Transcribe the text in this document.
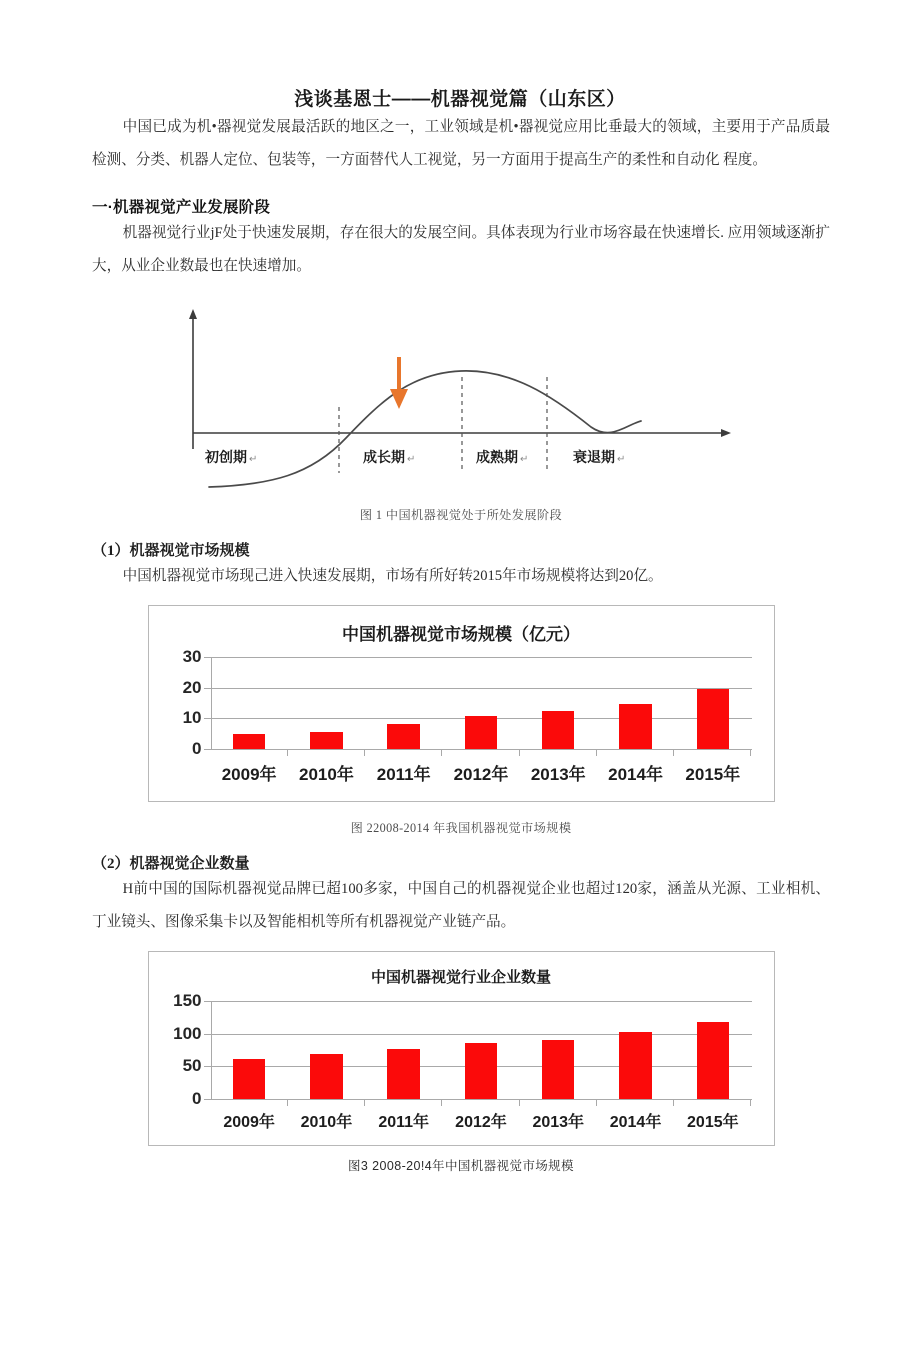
浅谈基恩士——机器视觉篇（山东区）

中国已成为机•器视觉发展最活跃的地区之一，工业领域是机•器视觉应用比垂最大的领域，主要用于产品质最检测、分类、机器人定位、包装等，一方面替代人工视觉，另一方面用于提高生产的柔性和自动化 程度。

一·机器视觉产业发展阶段

机器视觉行业jF处于快速发展期，存在很大的发展空间。具体表现为行业市场容最在快速增长. 应用领域逐渐扩大，从业企业数最也在快速增加。

初创期 ↵	成长期 ↵	成熟期 ↵	衰退期 ↵

图 1 中国机器视觉处于所处发展阶段

（1）机器视觉市场规模

中国机器视觉市场现己进入快速发展期，市场有所好转2015年市场规模将达到20亿。

中国机器视觉市场规模（亿元）
30
20
10
0
2009年	2010年	2011年	2012年	2013年	2014年	2015年

图 22008-2014 年我国机器视觉市场规模

（2）机器视觉企业数量

H前中国的国际机器视觉品牌已超100多家，中国自己的机器视觉企业也超过120家，涵盖从光源、工业相机、丁业镜头、图像采集卡以及智能相机等所有机器视觉产业链产品。

中国机器视觉行业企业数量
150
100
50
0
2009年	2010年	2011年	2012年	2013年	2014年	2015年

图3 2008-20!4年中国机器视觉市场规模
